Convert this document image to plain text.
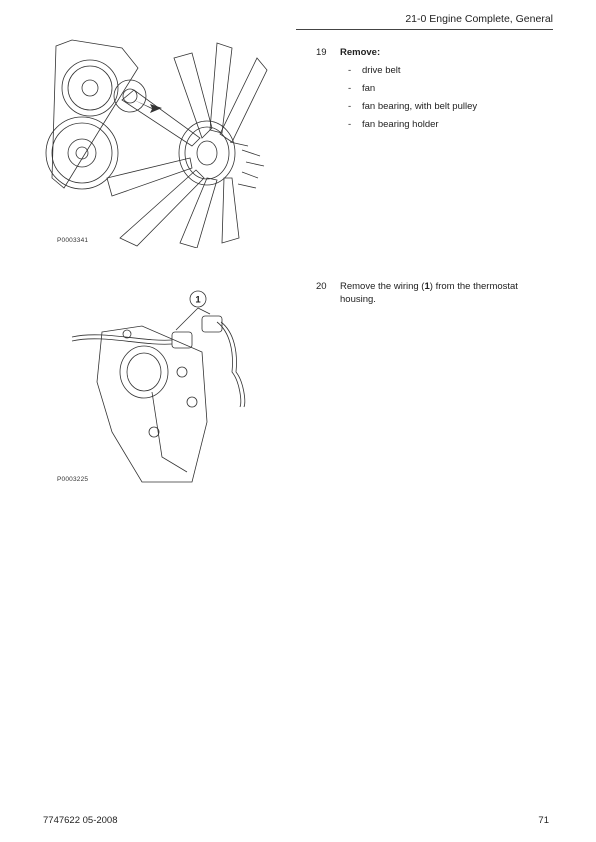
21-0 Engine Complete, General
P0003341
19 Remove:
- drive belt
- fan
- fan bearing, with belt pulley
- fan bearing holder
1
P0003225
20 Remove the wiring (1) from the thermostat housing.
7747622 05-2008	71
